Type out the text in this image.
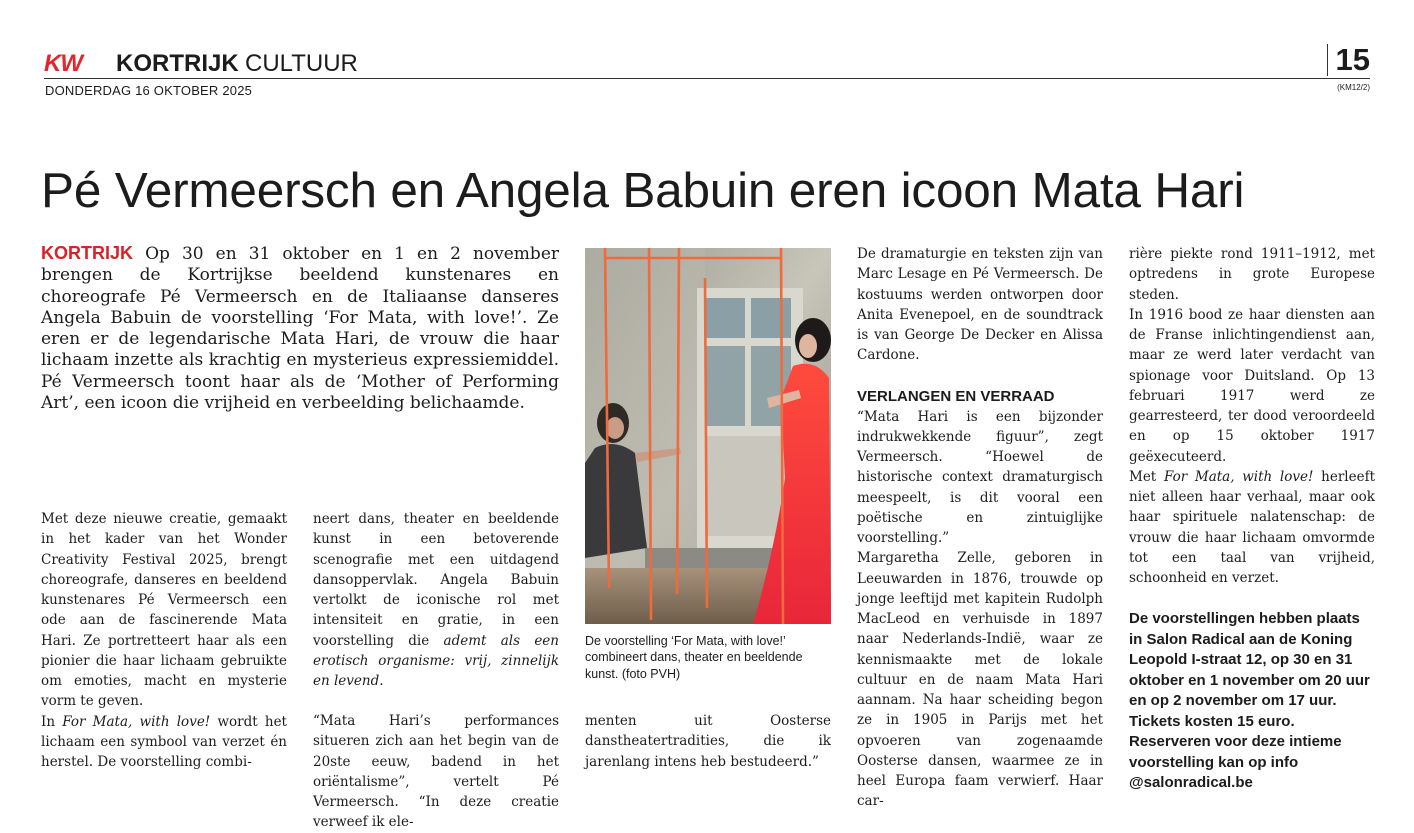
KW KORTRIJK CULTUUR	15
DONDERDAG 16 OKTOBER 2025	(KM12/2)
Pé Vermeersch en Angela Babuin eren icoon Mata Hari
KORTRIJK Op 30 en 31 oktober en 1 en 2 november brengen de Kortrijkse beeldend kunstenares en choreografe Pé Vermeersch en de Italiaanse danseres Angela Babuin de voorstelling ‘For Mata, with love!’. Ze eren er de legendarische Mata Hari, de vrouw die haar lichaam inzette als krachtig en mysterieus expressiemiddel. Pé Vermeersch toont haar als de ‘Mother of Performing Art’, een icoon die vrijheid en verbeelding belichaamde.

Met deze nieuwe creatie, gemaakt in het kader van het Wonder Creativity Festival 2025, brengt choreografe, danseres en beeldend kunstenares Pé Vermeersch een ode aan de fascinerende Mata Hari. Ze portretteert haar als een pionier die haar lichaam gebruikte om emoties, macht en mysterie vorm te geven.

In For Mata, with love! wordt het lichaam een symbool van verzet én herstel. De voorstelling combi-

neert dans, theater en beeldende kunst in een betoverende scenografie met een uitdagend dansoppervlak. Angela Babuin vertolkt de iconische rol met intensiteit en gratie, in een voorstelling die ademt als een erotisch organisme: vrij, zinnelijk en levend.

“Mata Hari’s performances situeren zich aan het begin van de 20ste eeuw, badend in het oriëntalisme”, vertelt Pé Vermeersch. “In deze creatie verweef ik ele-

De voorstelling ‘For Mata, with love!’ combineert dans, theater en beeldende kunst. (foto PVH)

menten uit Oosterse danstheatertradities, die ik jarenlang intens heb bestudeerd.”

De dramaturgie en teksten zijn van Marc Lesage en Pé Vermeersch. De kostuums werden ontworpen door Anita Evenepoel, en de soundtrack is van George De Decker en Alissa Cardone.

VERLANGEN EN VERRAAD

“Mata Hari is een bijzonder indrukwekkende figuur”, zegt Vermeersch. “Hoewel de historische context dramaturgisch meespeelt, is dit vooral een poëtische en zintuiglijke voorstelling.”

Margaretha Zelle, geboren in Leeuwarden in 1876, trouwde op jonge leeftijd met kapitein Rudolph MacLeod en verhuisde in 1897 naar Nederlands-Indië, waar ze kennismaakte met de lokale cultuur en de naam Mata Hari aannam. Na haar scheiding begon ze in 1905 in Parijs met het opvoeren van zogenaamde Oosterse dansen, waarmee ze in heel Europa faam verwierf. Haar car-

rière piekte rond 1911–1912, met optredens in grote Europese steden.

In 1916 bood ze haar diensten aan de Franse inlichtingendienst aan, maar ze werd later verdacht van spionage voor Duitsland. Op 13 februari 1917 werd ze gearresteerd, ter dood veroordeeld en op 15 oktober 1917 geëxecuteerd.

Met For Mata, with love! herleeft niet alleen haar verhaal, maar ook haar spirituele nalatenschap: de vrouw die haar lichaam omvormde tot een taal van vrijheid, schoonheid en verzet.

De voorstellingen hebben plaats in Salon Radical aan de Koning Leopold I-straat 12, op 30 en 31 oktober en 1 november om 20 uur en op 2 november om 17 uur. Tickets kosten 15 euro. Reserveren voor deze intieme voorstelling kan op info @salonradical.be
